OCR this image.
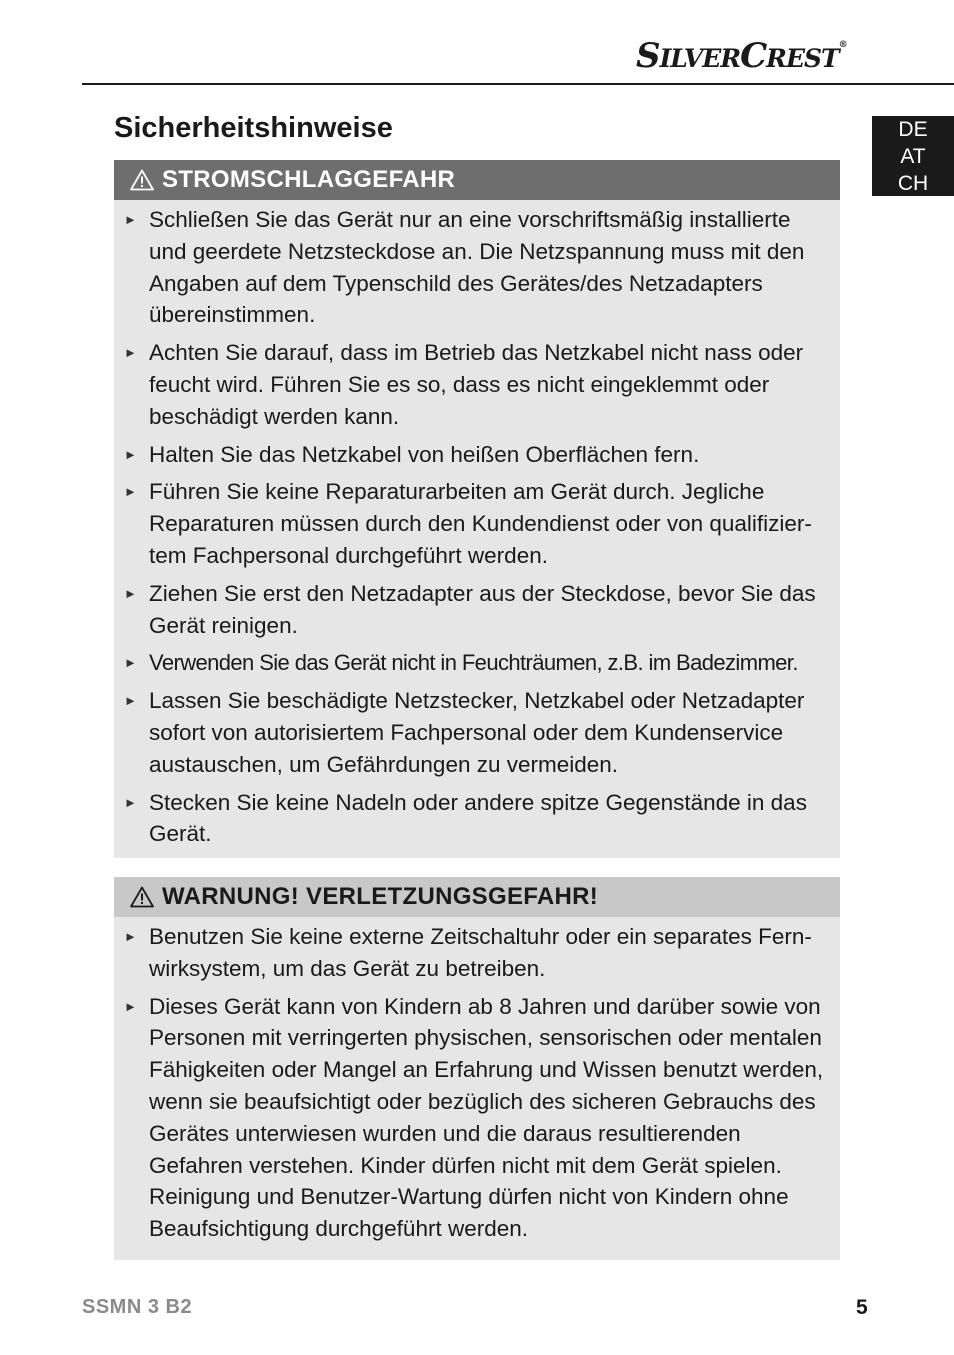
SILVERCREST®
DE
AT
CH
Sicherheitshinweise
STROMSCHLAGGEFAHR
► Schließen Sie das Gerät nur an eine vorschriftsmäßig installierte und geerdete Netzsteckdose an. Die Netzspannung muss mit den Angaben auf dem Typenschild des Gerätes/des Netzadapters übereinstimmen.
► Achten Sie darauf, dass im Betrieb das Netzkabel nicht nass oder feucht wird. Führen Sie es so, dass es nicht eingeklemmt oder beschädigt werden kann.
► Halten Sie das Netzkabel von heißen Oberflächen fern.
► Führen Sie keine Reparaturarbeiten am Gerät durch. Jegliche Reparaturen müssen durch den Kundendienst oder von qualifizier-tem Fachpersonal durchgeführt werden.
► Ziehen Sie erst den Netzadapter aus der Steckdose, bevor Sie das Gerät reinigen.
► Verwenden Sie das Gerät nicht in Feuchträumen, z.B. im Badezimmer.
► Lassen Sie beschädigte Netzstecker, Netzkabel oder Netzadapter sofort von autorisiertem Fachpersonal oder dem Kundenservice austauschen, um Gefährdungen zu vermeiden.
► Stecken Sie keine Nadeln oder andere spitze Gegenstände in das Gerät.
WARNUNG! VERLETZUNGSGEFAHR!
► Benutzen Sie keine externe Zeitschaltuhr oder ein separates Fern-wirksystem, um das Gerät zu betreiben.
► Dieses Gerät kann von Kindern ab 8 Jahren und darüber sowie von Personen mit verringerten physischen, sensorischen oder mentalen Fähigkeiten oder Mangel an Erfahrung und Wissen benutzt werden, wenn sie beaufsichtigt oder bezüglich des sicheren Gebrauchs des Gerätes unterwiesen wurden und die daraus resultierenden Gefahren verstehen. Kinder dürfen nicht mit dem Gerät spielen. Reinigung und Benutzer-Wartung dürfen nicht von Kindern ohne Beaufsichtigung durchgeführt werden.
SSMN 3 B2	5
